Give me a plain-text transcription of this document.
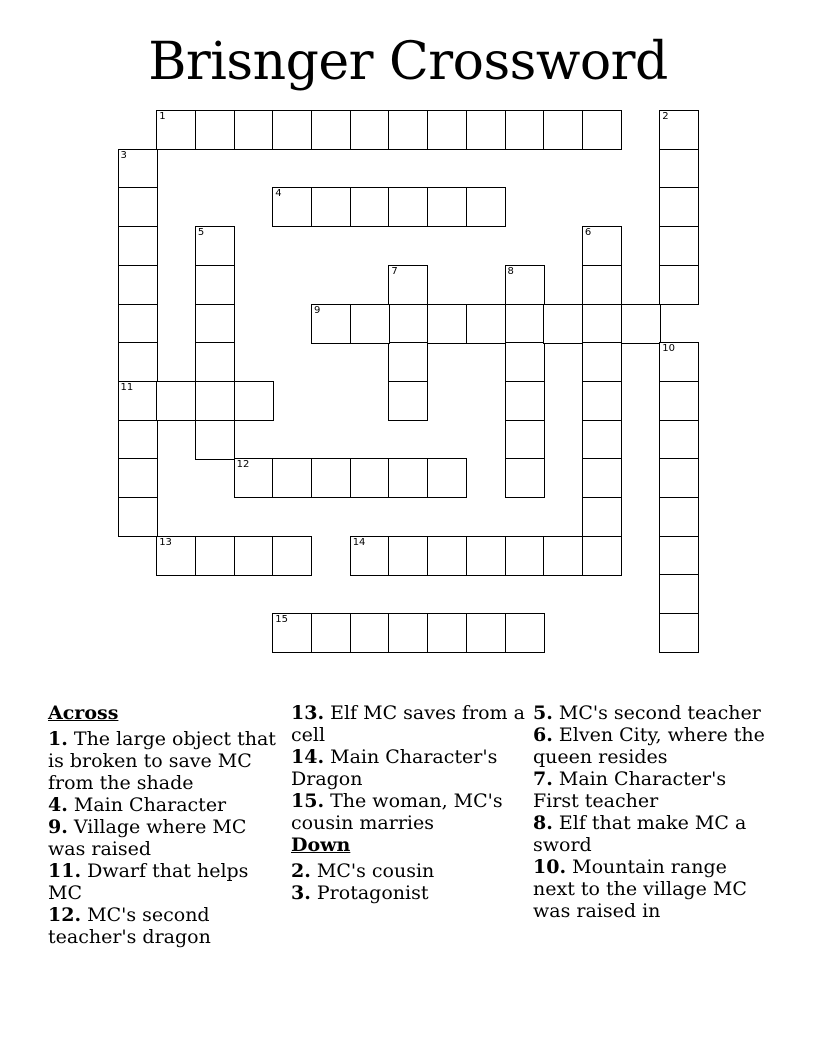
Brisnger Crossword
1	2
3
4
5	6
7	8
9
10
11
12
13	14
15
Across

1. The large object that is broken to save MC from the shade

4. Main Character

9. Village where MC was raised

11. Dwarf that helps MC

12. MC's second teacher's dragon

13. Elf MC saves from a cell

14. Main Character's Dragon

15. The woman, MC's cousin marries

Down

2. MC's cousin

3. Protagonist

5. MC's second teacher

6. Elven City, where the queen resides

7. Main Character's First teacher

8. Elf that make MC a sword

10. Mountain range next to the village MC was raised in
